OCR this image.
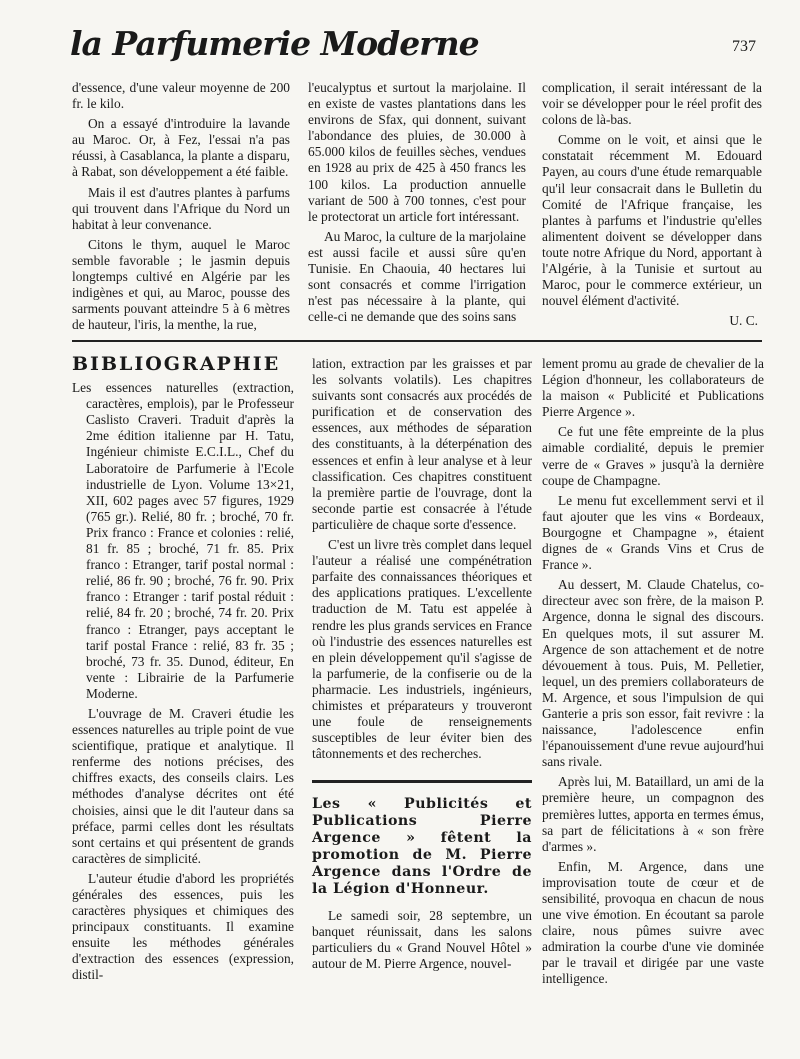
la Parfumerie Moderne	737

d'essence, d'une valeur moyenne de 200 fr. le kilo.

On a essayé d'introduire la lavande au Maroc. Or, à Fez, l'essai n'a pas réussi, à Casablanca, la plante a disparu, à Rabat, son développement a été faible.

Mais il est d'autres plantes à parfums qui trouvent dans l'Afrique du Nord un habitat à leur convenance.

Citons le thym, auquel le Maroc semble favorable ; le jasmin depuis longtemps cultivé en Algérie par les indigènes et qui, au Maroc, pousse des sarments pouvant atteindre 5 à 6 mètres de hauteur, l'iris, la menthe, la rue,

l'eucalyptus et surtout la marjolaine. Il en existe de vastes plantations dans les environs de Sfax, qui donnent, suivant l'abondance des pluies, de 30.000 à 65.000 kilos de feuilles sèches, vendues en 1928 au prix de 425 à 450 francs les 100 kilos. La production annuelle variant de 500 à 700 tonnes, c'est pour le protectorat un article fort intéressant.

Au Maroc, la culture de la marjolaine est aussi facile et aussi sûre qu'en Tunisie. En Chaouia, 40 hectares lui sont consacrés et comme l'irrigation n'est pas nécessaire à la plante, qui celle-ci ne demande que des soins sans

complication, il serait intéressant de la voir se développer pour le réel profit des colons de là-bas.

Comme on le voit, et ainsi que le constatait récemment M. Edouard Payen, au cours d'une étude remarquable qu'il leur consacrait dans le Bulletin du Comité de l'Afrique française, les plantes à parfums et l'industrie qu'elles alimentent doivent se développer dans toute notre Afrique du Nord, apportant à l'Algérie, à la Tunisie et surtout au Maroc, pour le commerce extérieur, un nouvel élément d'activité.

U. C.
BIBLIOGRAPHIE

Les essences naturelles (extraction, caractères, emplois), par le Professeur Caslisto Craveri. Traduit d'après la 2me édition italienne par H. Tatu, Ingénieur chimiste E.C.I.L., Chef du Laboratoire de Parfumerie à l'Ecole industrielle de Lyon. Volume 13×21, XII, 602 pages avec 57 figures, 1929 (765 gr.). Relié, 80 fr. ; broché, 70 fr. Prix franco : France et colonies : relié, 81 fr. 85 ; broché, 71 fr. 85. Prix franco : Etranger, tarif postal normal : relié, 86 fr. 90 ; broché, 76 fr. 90. Prix franco : Etranger : tarif postal réduit : relié, 84 fr. 20 ; broché, 74 fr. 20. Prix franco : Etranger, pays acceptant le tarif postal France : relié, 83 fr. 35 ; broché, 73 fr. 35. Dunod, éditeur, En vente : Librairie de la Parfumerie Moderne.

L'ouvrage de M. Craveri étudie les essences naturelles au triple point de vue scientifique, pratique et analytique. Il renferme des notions précises, des chiffres exacts, des conseils clairs. Les méthodes d'analyse décrites ont été choisies, ainsi que le dit l'auteur dans sa préface, parmi celles dont les résultats sont certains et qui présentent de grands caractères de simplicité.

L'auteur étudie d'abord les propriétés générales des essences, puis les caractères physiques et chimiques des principaux constituants. Il examine ensuite les méthodes générales d'extraction des essences (expression, distil-

lation, extraction par les graisses et par les solvants volatils). Les chapitres suivants sont consacrés aux procédés de purification et de conservation des essences, aux méthodes de séparation des constituants, à la déterpénation des essences et enfin à leur analyse et à leur classification. Ces chapitres constituent la première partie de l'ouvrage, dont la seconde partie est consacrée à l'étude particulière de chaque sorte d'essence.

C'est un livre très complet dans lequel l'auteur a réalisé une compénétration parfaite des connaissances théoriques et des applications pratiques. L'excellente traduction de M. Tatu est appelée à rendre les plus grands services en France où l'industrie des essences naturelles est en plein développement qu'il s'agisse de la parfumerie, de la confiserie ou de la pharmacie. Les industriels, ingénieurs, chimistes et préparateurs y trouveront une foule de renseignements susceptibles de leur éviter bien des tâtonnements et des recherches.

Les « Publicités et Publications Pierre Argence » fêtent la promotion de M. Pierre Argence dans l'Ordre de la Légion d'Honneur.

Le samedi soir, 28 septembre, un banquet réunissait, dans les salons particuliers du « Grand Nouvel Hôtel » autour de M. Pierre Argence, nouvel-

lement promu au grade de chevalier de la Légion d'honneur, les collaborateurs de la maison « Publicité et Publications Pierre Argence ».

Ce fut une fête empreinte de la plus aimable cordialité, depuis le premier verre de « Graves » jusqu'à la dernière coupe de Champagne.

Le menu fut excellemment servi et il faut ajouter que les vins « Bordeaux, Bourgogne et Champagne », étaient dignes de « Grands Vins et Crus de France ».

Au dessert, M. Claude Chatelus, co-directeur avec son frère, de la maison P. Argence, donna le signal des discours. En quelques mots, il sut assurer M. Argence de son attachement et de notre dévouement à tous. Puis, M. Pelletier, lequel, un des premiers collaborateurs de M. Argence, et sous l'impulsion de qui Ganterie a pris son essor, fait revivre : la naissance, l'adolescence enfin l'épanouissement d'une revue aujourd'hui sans rivale.

Après lui, M. Bataillard, un ami de la première heure, un compagnon des premières luttes, apporta en termes émus, sa part de félicitations à « son frère d'armes ».

Enfin, M. Argence, dans une improvisation toute de cœur et de sensibilité, provoqua en chacun de nous une vive émotion. En écoutant sa parole claire, nous pûmes suivre avec admiration la courbe d'une vie dominée par le travail et dirigée par une vaste intelligence.
